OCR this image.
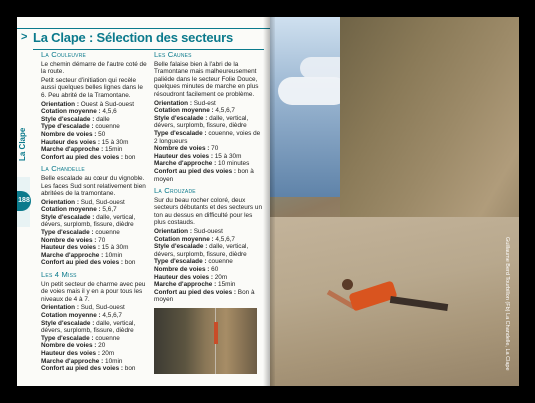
> La Clape : Sélection des secteurs
La Clape
188
La Couleuvre

Le chemin démarre de l'autre coté de la route.

Petit secteur d'initiation qui recèle aussi quelques belles lignes dans le 6. Peu abrité de la Tramontane.

Orientation : Ouest à Sud-ouest
Cotation moyenne : 4,5,6
Style d'escalade : dalle
Type d'escalade : couenne
Nombre de voies : 50
Hauteur des voies : 15 à 30m
Marche d'approche : 15min
Confort au pied des voies : bon
La Chandelle

Belle escalade au cœur du vignoble. Les faces Sud sont relativement bien abritées de la tramontane.

Orientation : Sud, Sud-ouest
Cotation moyenne : 5,6,7
Style d'escalade : dalle, vertical, dévers, surplomb, fissure, dièdre
Type d'escalade : couenne
Nombre de voies : 70
Hauteur des voies : 15 à 30m
Marche d'approche : 10min
Confort au pied des voies : bon
Les 4 Miss

Un petit secteur de charme avec peu de voies mais il y en a pour tous les niveaux de 4 à 7.

Orientation : Sud, Sud-ouest
Cotation moyenne : 4,5,6,7
Style d'escalade : dalle, vertical, dévers, surplomb, fissure, dièdre
Type d'escalade : couenne
Nombre de voies : 20
Hauteur des voies : 20m
Marche d'approche : 10min
Confort au pied des voies : bon
Les Caunes

Belle falaise bien à l'abri de la Tramontane mais malheureusement paliéde dans le secteur Folie Douce, quelques minutes de marche en plus résoudront facilement ce problème.

Orientation : Sud-est
Cotation moyenne : 4,5,6,7
Style d'escalade : dalle, vertical, dévers, surplomb, fissure, dièdre
Type d'escalade : couenne, voies de 2 longueurs
Nombre de voies : 70
Hauteur des voies : 15 à 30m
Marche d'approche : 10 minutes
Confort au pied des voies : bon à moyen
La Crouzade

Sur du beau rocher coloré, deux secteurs débutants et des secteurs un ton au dessus en difficulté pour les plus costauds.

Orientation : Sud-ouest
Cotation moyenne : 4,5,6,7
Style d'escalade : dalle, vertical, dévers, surplomb, fissure, dièdre
Type d'escalade : couenne
Nombre de voies : 60
Hauteur des voies : 20m
Marche d'approche : 15min
Confort au pied des voies : Bon à moyen	Guillaume Berd Tourbillon (Fb) La Chandelle, La Clape
